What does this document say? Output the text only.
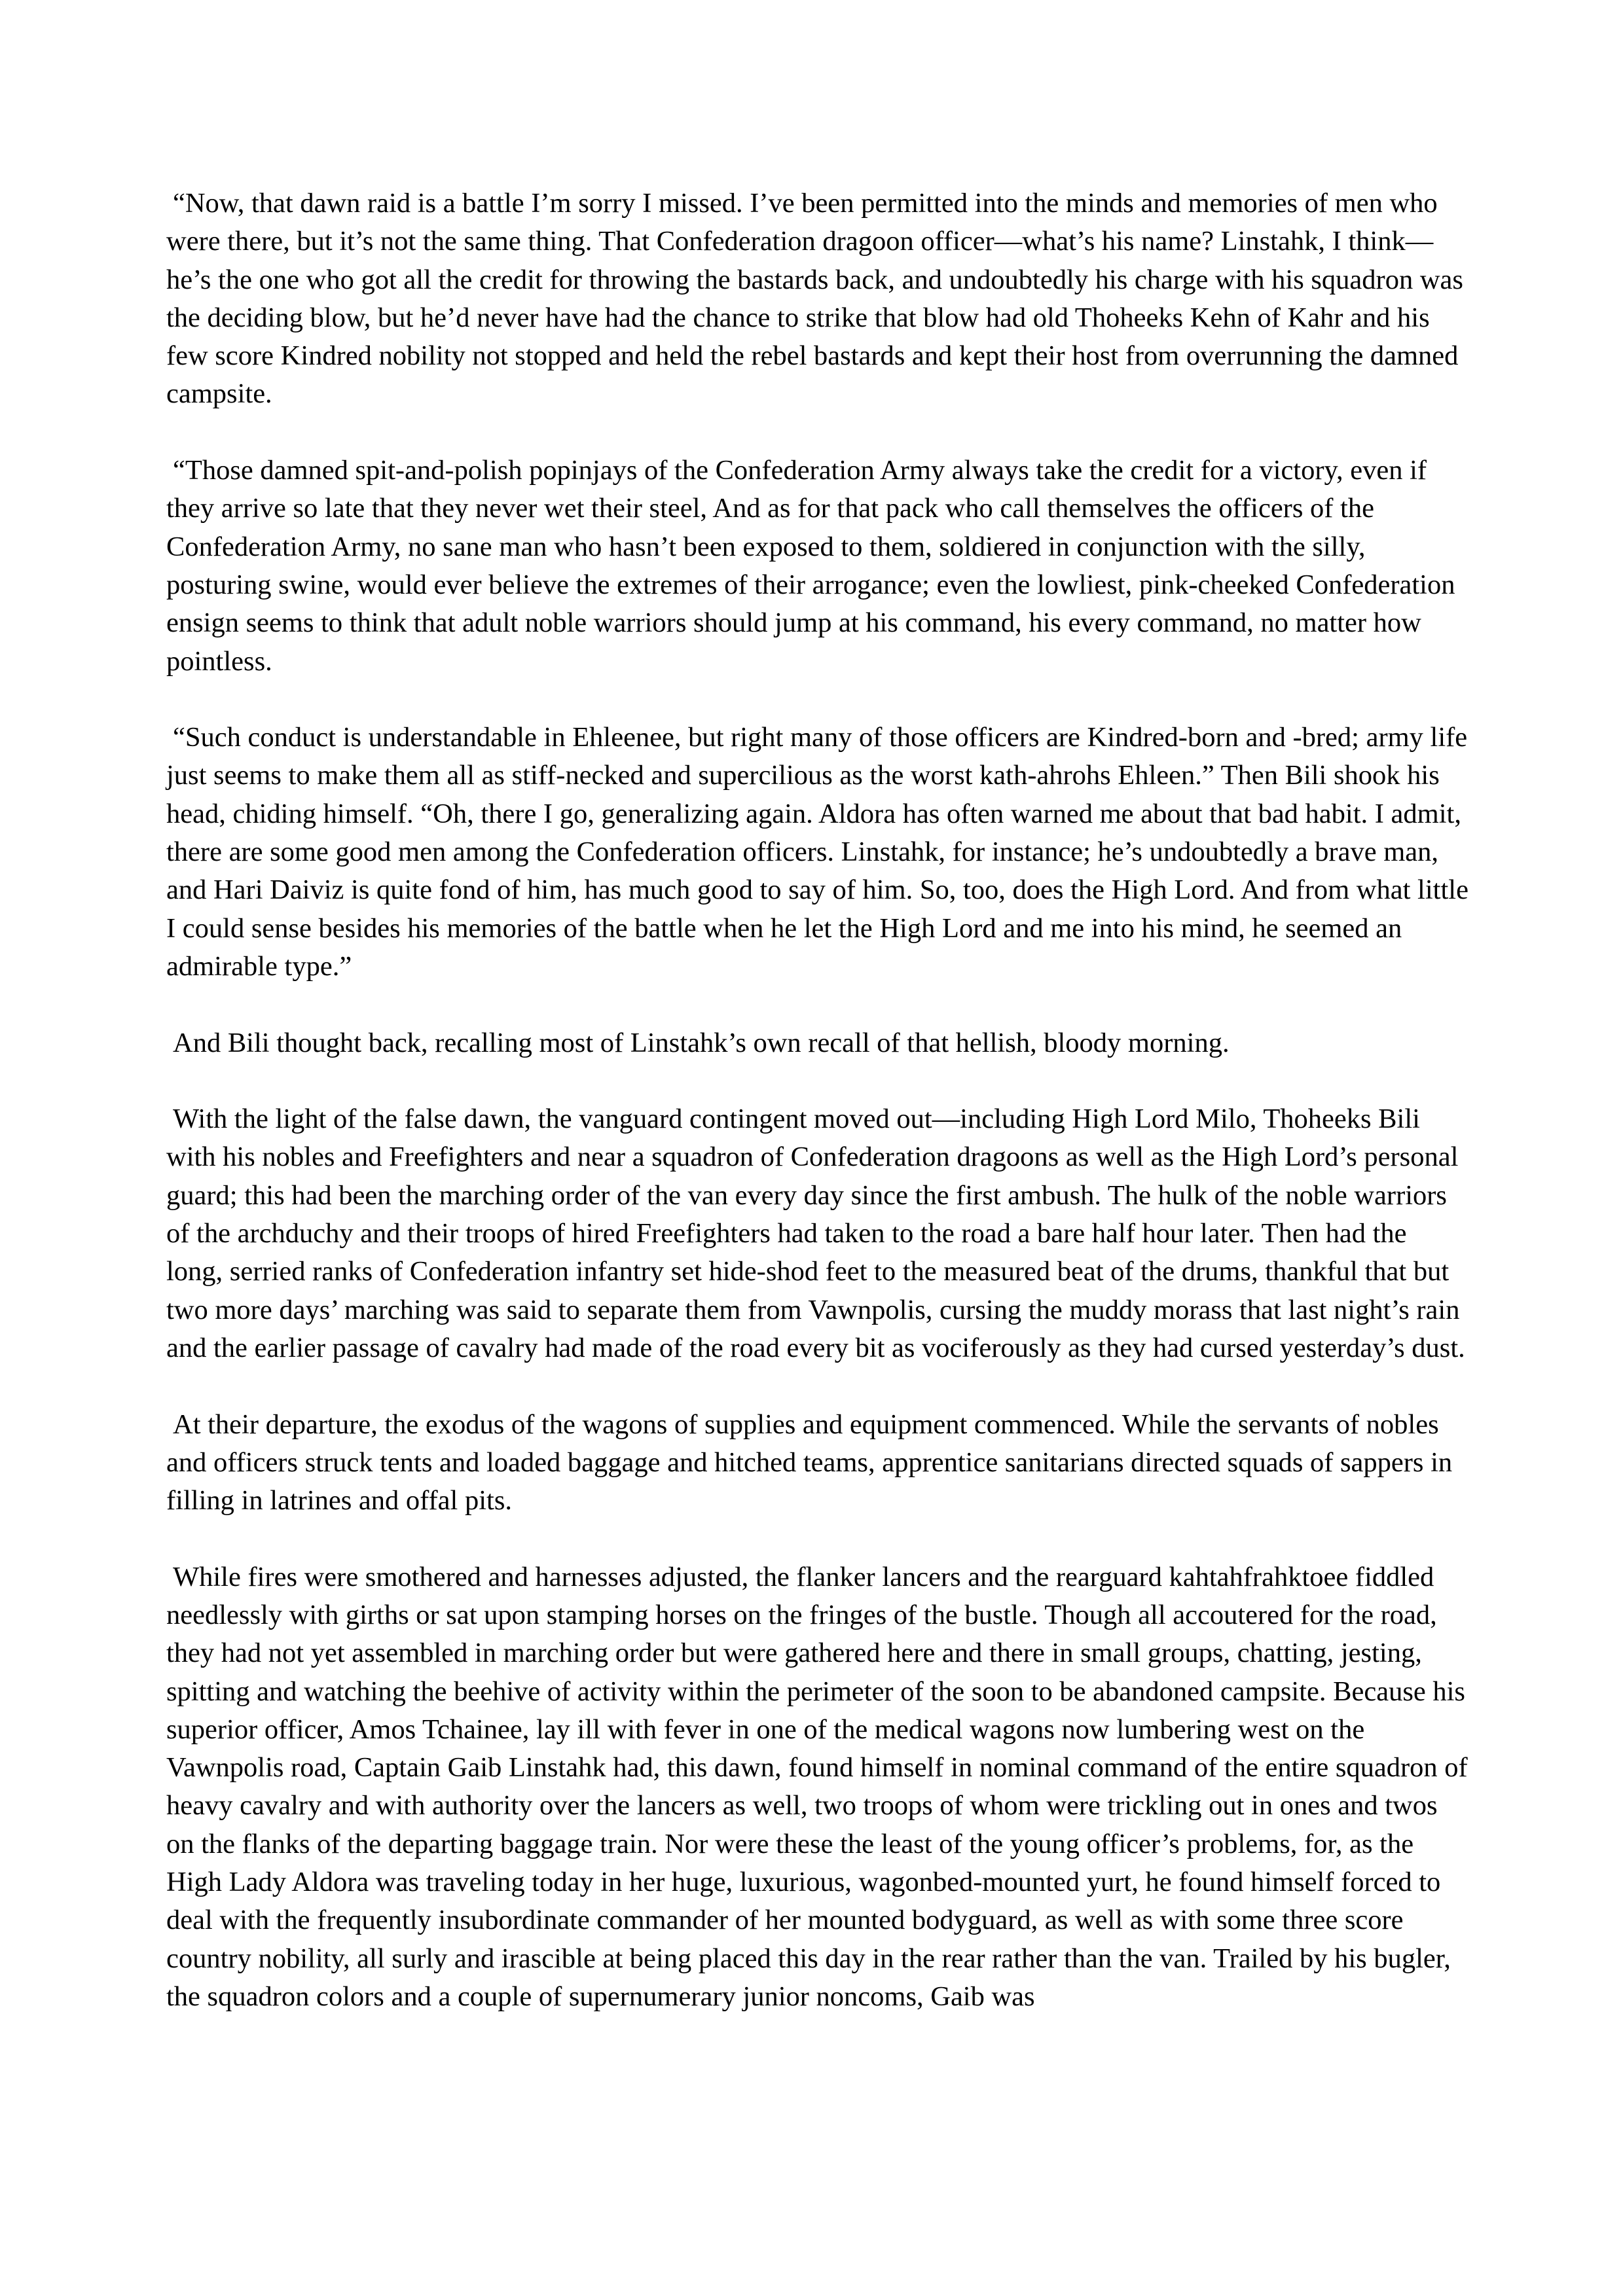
“Now, that dawn raid is a battle I’m sorry I missed. I’ve been permitted into the minds and memories of men who were there, but it’s not the same thing. That Confederation dragoon officer—what’s his name? Linstahk, I think—he’s the one who got all the credit for throwing the bastards back, and undoubtedly his charge with his squadron was the deciding blow, but he’d never have had the chance to strike that blow had old Thoheeks Kehn of Kahr and his few score Kindred nobility not stopped and held the rebel bastards and kept their host from overrunning the damned campsite.

“Those damned spit-and-polish popinjays of the Confederation Army always take the credit for a victory, even if they arrive so late that they never wet their steel, And as for that pack who call themselves the officers of the Confederation Army, no sane man who hasn’t been exposed to them, soldiered in conjunction with the silly, posturing swine, would ever believe the extremes of their arrogance; even the lowliest, pink-cheeked Confederation ensign seems to think that adult noble warriors should jump at his command, his every command, no matter how pointless.

“Such conduct is understandable in Ehleenee, but right many of those officers are Kindred-born and -bred; army life just seems to make them all as stiff-necked and supercilious as the worst kath-ahrohs Ehleen.” Then Bili shook his head, chiding himself. “Oh, there I go, generalizing again. Aldora has often warned me about that bad habit. I admit, there are some good men among the Confederation officers. Linstahk, for instance; he’s undoubtedly a brave man, and Hari Daiviz is quite fond of him, has much good to say of him. So, too, does the High Lord. And from what little I could sense besides his memories of the battle when he let the High Lord and me into his mind, he seemed an admirable type.”

And Bili thought back, recalling most of Linstahk’s own recall of that hellish, bloody morning.

With the light of the false dawn, the vanguard contingent moved out—including High Lord Milo, Thoheeks Bili with his nobles and Freefighters and near a squadron of Confederation dragoons as well as the High Lord’s personal guard; this had been the marching order of the van every day since the first ambush. The hulk of the noble warriors of the archduchy and their troops of hired Freefighters had taken to the road a bare half hour later. Then had the long, serried ranks of Confederation infantry set hide-shod feet to the measured beat of the drums, thankful that but two more days’ marching was said to separate them from Vawnpolis, cursing the muddy morass that last night’s rain and the earlier passage of cavalry had made of the road every bit as vociferously as they had cursed yesterday’s dust.

At their departure, the exodus of the wagons of supplies and equipment commenced. While the servants of nobles and officers struck tents and loaded baggage and hitched teams, apprentice sanitarians directed squads of sappers in filling in latrines and offal pits.

While fires were smothered and harnesses adjusted, the flanker lancers and the rearguard kahtahfrahktoee fiddled needlessly with girths or sat upon stamping horses on the fringes of the bustle. Though all accoutered for the road, they had not yet assembled in marching order but were gathered here and there in small groups, chatting, jesting, spitting and watching the beehive of activity within the perimeter of the soon to be abandoned campsite. Because his superior officer, Amos Tchainee, lay ill with fever in one of the medical wagons now lumbering west on the Vawnpolis road, Captain Gaib Linstahk had, this dawn, found himself in nominal command of the entire squadron of heavy cavalry and with authority over the lancers as well, two troops of whom were trickling out in ones and twos on the flanks of the departing baggage train. Nor were these the least of the young officer’s problems, for, as the High Lady Aldora was traveling today in her huge, luxurious, wagonbed-mounted yurt, he found himself forced to deal with the frequently insubordinate commander of her mounted bodyguard, as well as with some three score country nobility, all surly and irascible at being placed this day in the rear rather than the van. Trailed by his bugler, the squadron colors and a couple of supernumerary junior noncoms, Gaib was
